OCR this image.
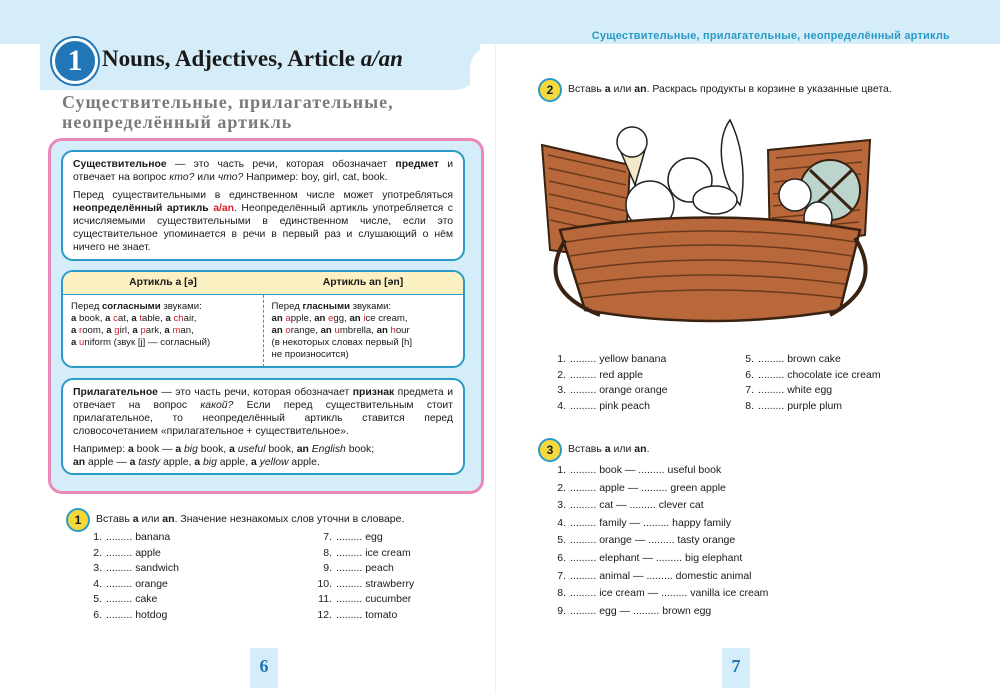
Существительные, прилагательные, неопределённый артикль
1 Nouns, Adjectives, Article a/an
Существительные, прилагательные,
неопределённый артикль

Существительное — это часть речи, которая обозначает предмет и отвечает на вопрос кто? или что? Например: boy, girl, cat, book.

Перед существительными в единственном числе может употребляться неопределённый артикль a/an. Неопределённый артикль употребляется с исчисляемыми существительными в единственном числе, если это существительное упоминается в речи в первый раз и слушающий о нём ничего не знает.

Артикль a [ə]	Артикль an [ən]
Перед согласными звуками:
a book, a cat, a table, a chair,
a room, a girl, a park, a man,
a uniform (звук [j] — согласный)
Перед гласными звуками:
an apple, an egg, an ice cream,
an orange, an umbrella, an hour
(в некоторых словах первый [h]
не произносится)

Прилагательное — это часть речи, которая обозначает признак предмета и отвечает на вопрос какой? Если перед существительным стоит прилагательное, то неопределённый артикль ставится перед словосочетанием «прилагательное + существительное».

Например: a book — a big book, a useful book, an English book;
an apple — a tasty apple, a big apple, a yellow apple.
1	Вставь a или an. Значение незнакомых слов уточни в словаре.
1. ......... banana
2. ......... apple
3. ......... sandwich
4. ......... orange
5. ......... cake
6. ......... hotdog
7. ......... egg
8. ......... ice cream
9. ......... peach
10. ......... strawberry
11. ......... cucumber
12. ......... tomato
6
2	Вставь a или an. Раскрась продукты в корзине в указанные цвета.
1. ......... yellow banana
2. ......... red apple
3. ......... orange orange
4. ......... pink peach
5. ......... brown cake
6. ......... chocolate ice cream
7. ......... white egg
8. ......... purple plum
3	Вставь a или an.
1. ......... book — ......... useful book
2. ......... apple — ......... green apple
3. ......... cat — ......... clever cat
4. ......... family — ......... happy family
5. ......... orange — ......... tasty orange
6. ......... elephant — ......... big elephant
7. ......... animal — ......... domestic animal
8. ......... ice cream — ......... vanilla ice cream
9. ......... egg — ......... brown egg
7
